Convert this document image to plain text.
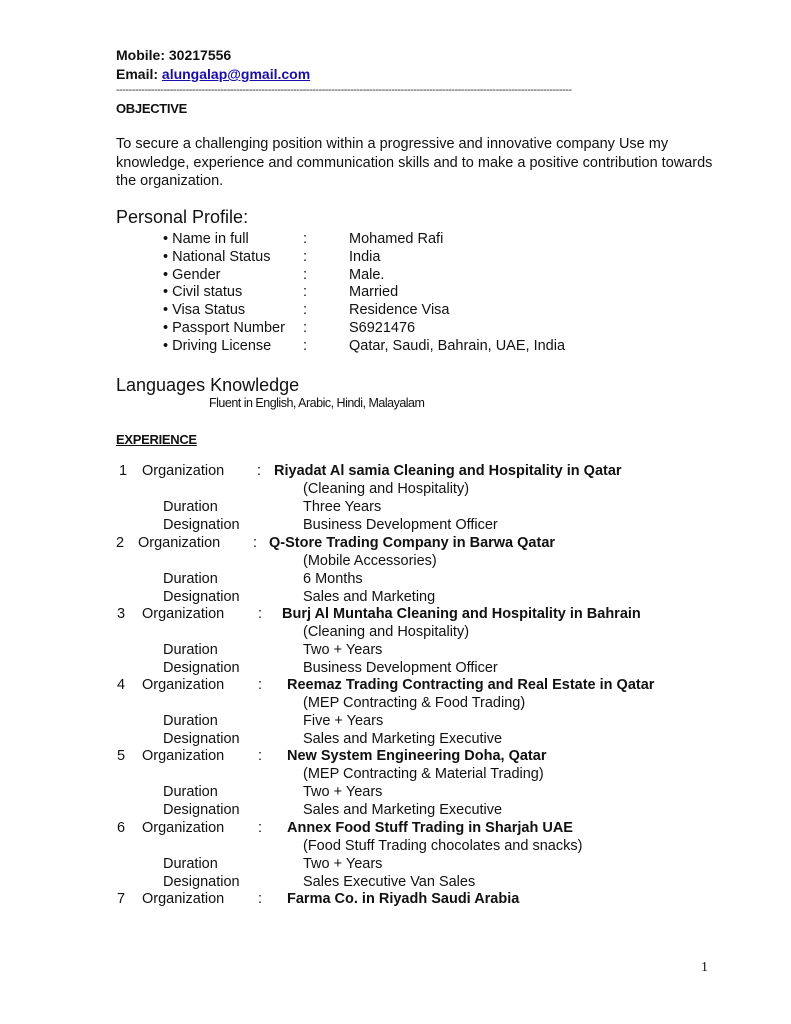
Mobile: 30217556
Email: alungalap@gmail.com
------------------------------------------------------------------------------------------------------------------------------------------------
OBJECTIVE
To secure a challenging position within a progressive and innovative company Use my knowledge, experience and communication skills and to make a positive contribution towards the organization.
Personal Profile:
• Name in full	:	Mohamed Rafi
• National Status :	India
• Gender	:	Male.
• Civil status	:	Married
• Visa Status	:	Residence Visa
• Passport Number :	S6921476
• Driving License :	Qatar, Saudi, Bahrain, UAE, India
Languages Knowledge
Fluent in English, Arabic, Hindi, Malayalam
EXPERIENCE
1 Organization : Riyadat Al samia Cleaning and Hospitality in Qatar
(Cleaning and Hospitality)
Duration	Three Years
Designation	Business Development Officer
2 Organization : Q-Store Trading Company in Barwa Qatar
(Mobile Accessories)
Duration	6 Months
Designation	Sales and Marketing
3 Organization : Burj Al Muntaha Cleaning and Hospitality in Bahrain
(Cleaning and Hospitality)
Duration	Two + Years
Designation	Business Development Officer
4 Organization : Reemaz Trading Contracting and Real Estate in Qatar
(MEP Contracting & Food Trading)
Duration	Five + Years
Designation	Sales and Marketing Executive
5 Organization : New System Engineering Doha, Qatar
(MEP Contracting & Material Trading)
Duration	Two + Years
Designation	Sales and Marketing Executive
6 Organization : Annex Food Stuff Trading in Sharjah UAE
(Food Stuff Trading chocolates and snacks)
Duration	Two + Years
Designation	Sales Executive Van Sales
7 Organization : Farma Co. in Riyadh Saudi Arabia
1
